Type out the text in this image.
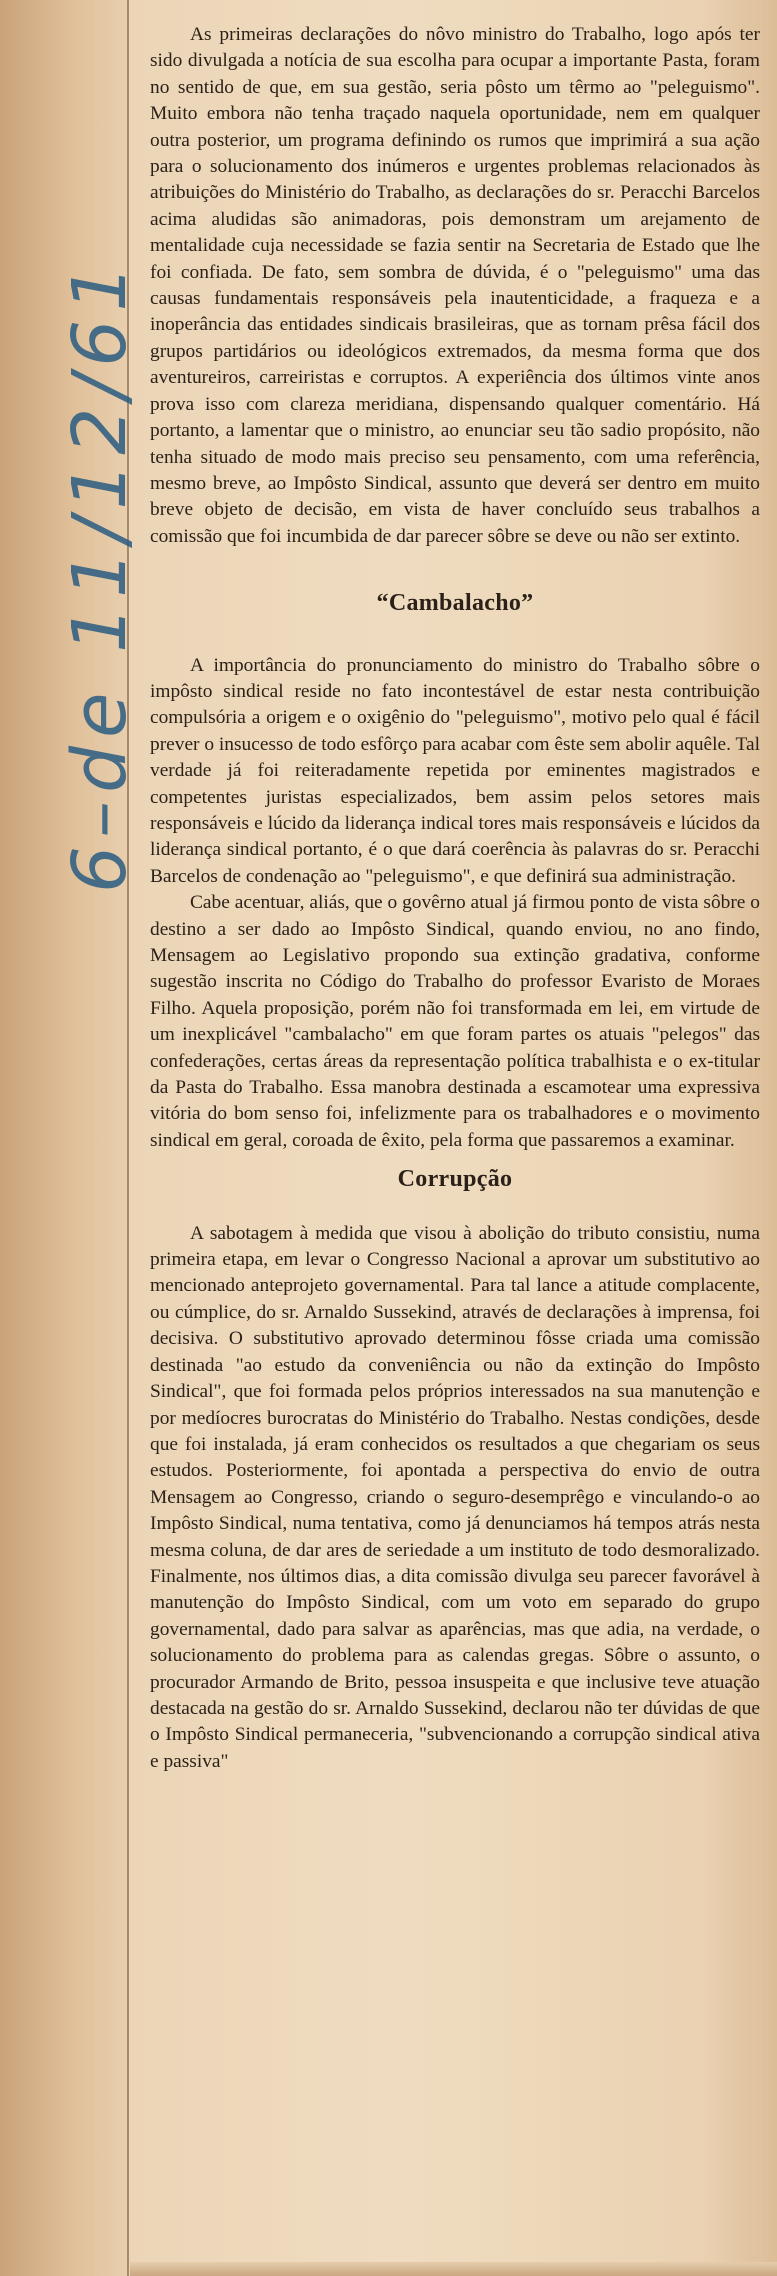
6–de 11/12/61

As primeiras declarações do nôvo ministro do Trabalho, logo após ter sido divulgada a notícia de sua escolha para ocupar a importante Pasta, foram no sentido de que, em sua gestão, seria pôsto um têrmo ao "peleguismo". Muito embora não tenha traçado naquela oportunidade, nem em qualquer outra posterior, um programa definindo os rumos que imprimirá a sua ação para o solucionamento dos inúmeros e urgentes problemas relacionados às atribuições do Ministério do Trabalho, as declarações do sr. Peracchi Barcelos acima aludidas são animadoras, pois demonstram um arejamento de mentalidade cuja necessidade se fazia sentir na Secretaria de Estado que lhe foi confiada. De fato, sem sombra de dúvida, é o "peleguismo" uma das causas fundamentais responsáveis pela inautenticidade, a fraqueza e a inoperância das entidades sindicais brasileiras, que as tornam prêsa fácil dos grupos partidários ou ideológicos extremados, da mesma forma que dos aventureiros, carreiristas e corruptos. A experiência dos últimos vinte anos prova isso com clareza meridiana, dispensando qualquer comentário. Há portanto, a lamentar que o ministro, ao enunciar seu tão sadio propósito, não tenha situado de modo mais preciso seu pensamento, com uma referência, mesmo breve, ao Impôsto Sindical, assunto que deverá ser dentro em muito breve objeto de decisão, em vista de haver concluído seus trabalhos a comissão que foi incumbida de dar parecer sôbre se deve ou não ser extinto.

“Cambalacho”

A importância do pronunciamento do ministro do Trabalho sôbre o impôsto sindical reside no fato incontestável de estar nesta contribuição compulsória a origem e o oxigênio do "peleguismo", motivo pelo qual é fácil prever o insucesso de todo esfôrço para acabar com êste sem abolir aquêle. Tal verdade já foi reiteradamente repetida por eminentes magistrados e competentes juristas especializados, bem assim pelos setores mais responsáveis e lúcido da liderança indical tores mais responsáveis e lúcidos da liderança sindical portanto, é o que dará coerência às palavras do sr. Peracchi Barcelos de condenação ao "peleguismo", e que definirá sua administração.

Cabe acentuar, aliás, que o govêrno atual já firmou ponto de vista sôbre o destino a ser dado ao Impôsto Sindical, quando enviou, no ano findo, Mensagem ao Legislativo propondo sua extinção gradativa, conforme sugestão inscrita no Código do Trabalho do professor Evaristo de Moraes Filho. Aquela proposição, porém não foi transformada em lei, em virtude de um inexplicável "cambalacho" em que foram partes os atuais "pelegos" das confederações, certas áreas da representação política trabalhista e o ex-titular da Pasta do Trabalho. Essa manobra destinada a escamotear uma expressiva vitória do bom senso foi, infelizmente para os trabalhadores e o movimento sindical em geral, coroada de êxito, pela forma que passaremos a examinar.

Corrupção

A sabotagem à medida que visou à abolição do tributo consistiu, numa primeira etapa, em levar o Congresso Nacional a aprovar um substitutivo ao mencionado anteprojeto governamental. Para tal lance a atitude complacente, ou cúmplice, do sr. Arnaldo Sussekind, através de declarações à imprensa, foi decisiva. O substitutivo aprovado determinou fôsse criada uma comissão destinada "ao estudo da conveniência ou não da extinção do Impôsto Sindical", que foi formada pelos próprios interessados na sua manutenção e por medíocres burocratas do Ministério do Trabalho. Nestas condições, desde que foi instalada, já eram conhecidos os resultados a que chegariam os seus estudos. Posteriormente, foi apontada a perspectiva do envio de outra Mensagem ao Congresso, criando o seguro-desemprêgo e vinculando-o ao Impôsto Sindical, numa tentativa, como já denunciamos há tempos atrás nesta mesma coluna, de dar ares de seriedade a um instituto de todo desmoralizado. Finalmente, nos últimos dias, a dita comissão divulga seu parecer favorável à manutenção do Impôsto Sindical, com um voto em separado do grupo governamental, dado para salvar as aparências, mas que adia, na verdade, o solucionamento do problema para as calendas gregas. Sôbre o assunto, o procurador Armando de Brito, pessoa insuspeita e que inclusive teve atuação destacada na gestão do sr. Arnaldo Sussekind, declarou não ter dúvidas de que o Impôsto Sindical permaneceria, "subvencionando a corrupção sindical ativa e passiva"
